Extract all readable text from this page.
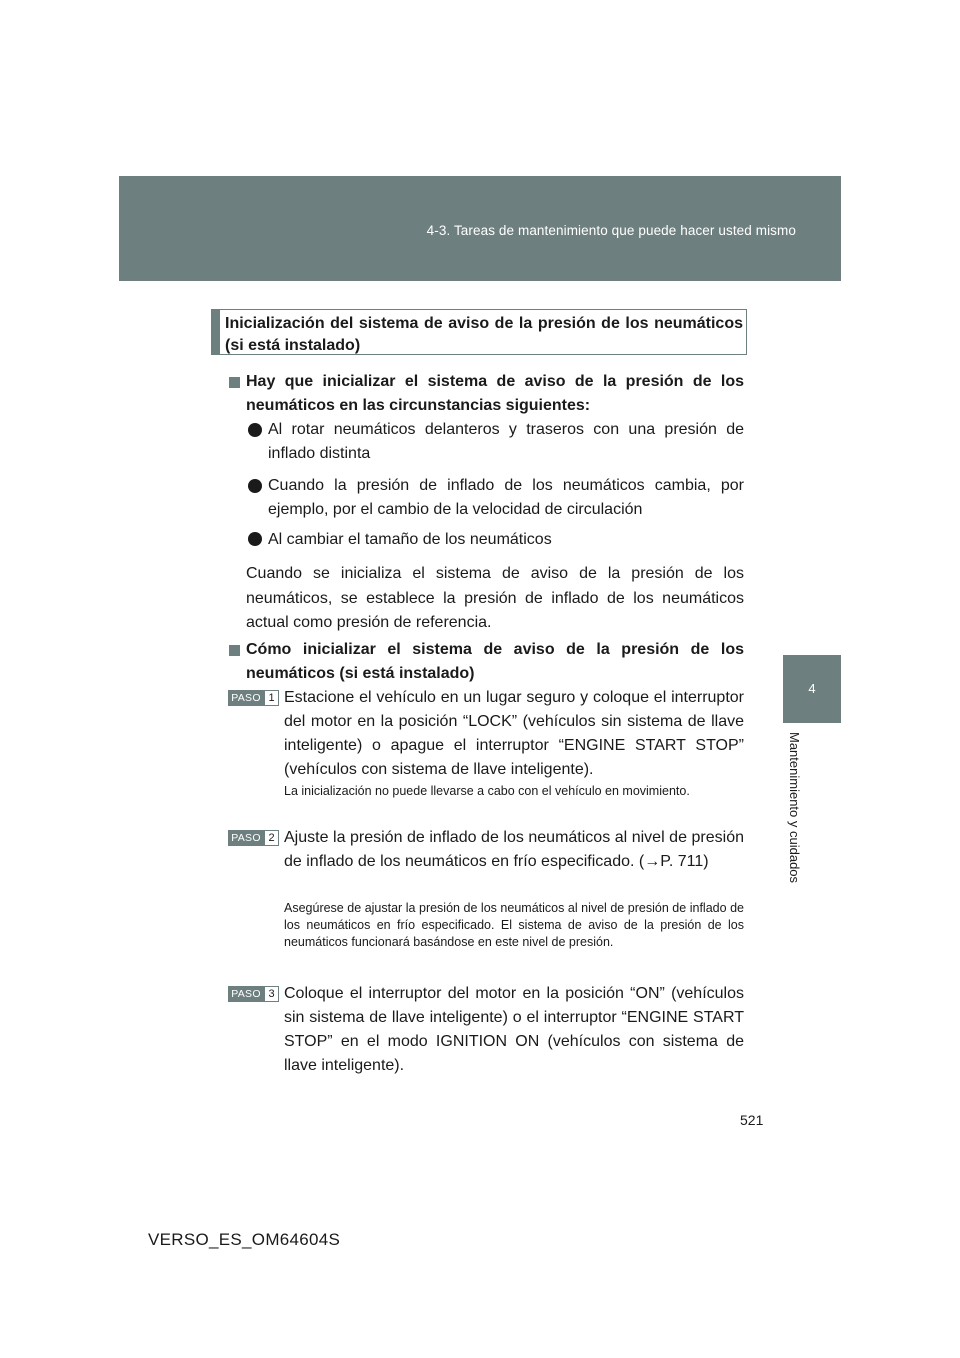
4-3. Tareas de mantenimiento que puede hacer usted mismo
4
Mantenimiento y cuidados
Inicialización del sistema de aviso de la presión de los neumáticos (si está instalado)
Hay que inicializar el sistema de aviso de la presión de los neumáticos en las circunstancias siguientes:
Al rotar neumáticos delanteros y traseros con una presión de inflado distinta
Cuando la presión de inflado de los neumáticos cambia, por ejemplo, por el cambio de la velocidad de circulación
Al cambiar el tamaño de los neumáticos
Cuando se inicializa el sistema de aviso de la presión de los neumáticos, se establece la presión de inflado de los neumáticos actual como presión de referencia.
Cómo inicializar el sistema de aviso de la presión de los neumáticos (si está instalado)
PASO 1 Estacione el vehículo en un lugar seguro y coloque el interruptor del motor en la posición “LOCK” (vehículos sin sistema de llave inteligente) o apague el interruptor “ENGINE START STOP” (vehículos con sistema de llave inteligente).
La inicialización no puede llevarse a cabo con el vehículo en movimiento.
PASO 2 Ajuste la presión de inflado de los neumáticos al nivel de presión de inflado de los neumáticos en frío especificado. (→P. 711)
Asegúrese de ajustar la presión de los neumáticos al nivel de presión de inflado de los neumáticos en frío especificado. El sistema de aviso de la presión de los neumáticos funcionará basándose en este nivel de presión.
PASO 3 Coloque el interruptor del motor en la posición “ON” (vehículos sin sistema de llave inteligente) o el interruptor “ENGINE START STOP” en el modo IGNITION ON (vehículos con sistema de llave inteligente).
521
VERSO_ES_OM64604S
